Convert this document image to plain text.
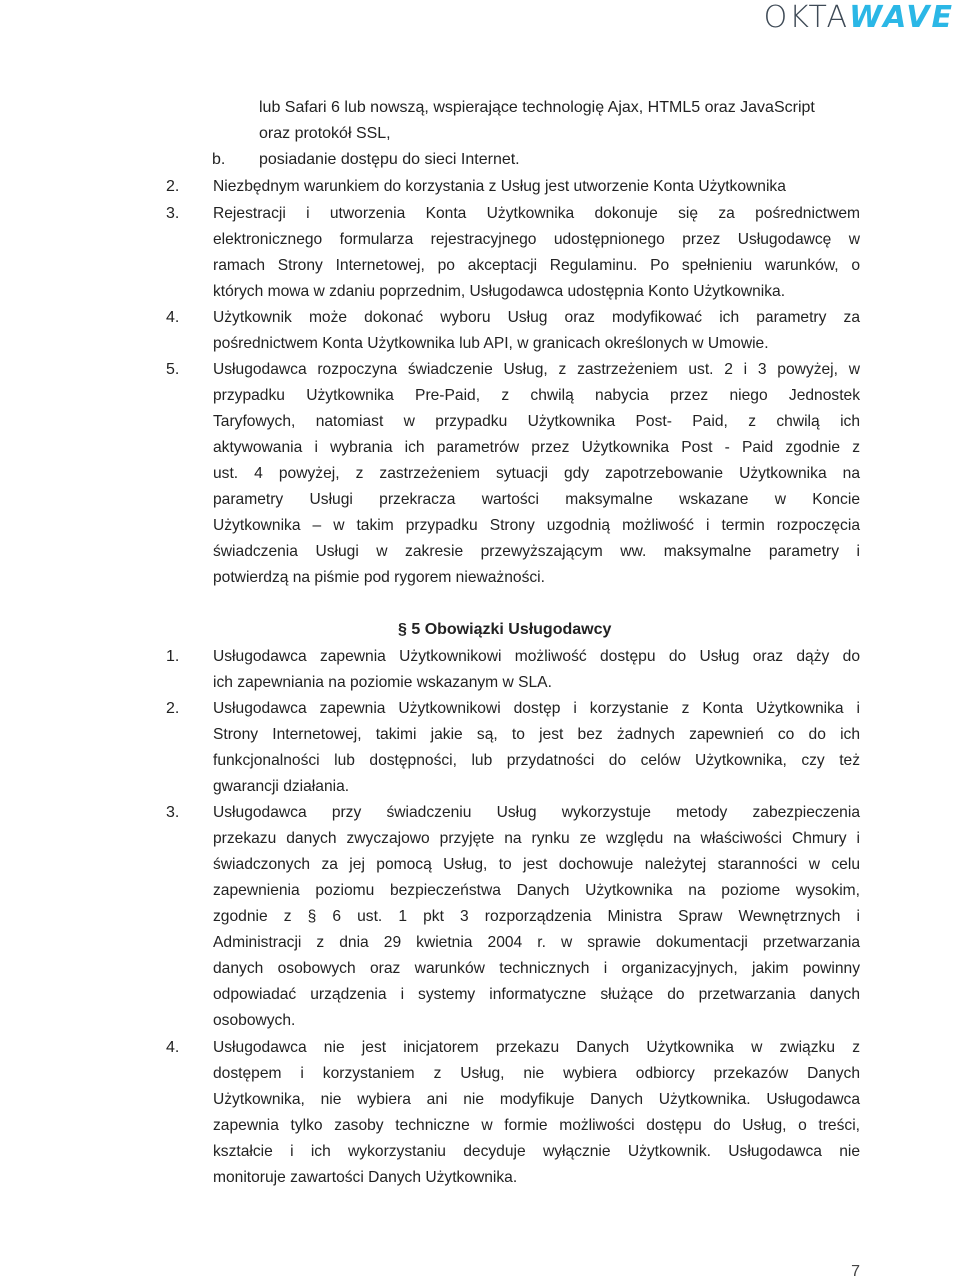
OKTA WAVE
lub Safari 6 lub nowszą, wspierające technologię Ajax, HTML5 oraz JavaScript
oraz protokół SSL,
b. posiadanie dostępu do sieci Internet.
2. Niezbędnym warunkiem do korzystania z Usług jest utworzenie Konta Użytkownika
3. Rejestracji i utworzenia Konta Użytkownika dokonuje się za pośrednictwem
elektronicznego formularza rejestracyjnego udostępnionego przez Usługodawcę w
ramach Strony Internetowej, po akceptacji Regulaminu. Po spełnieniu warunków, o
których mowa w zdaniu poprzednim, Usługodawca udostępnia Konto Użytkownika.
4. Użytkownik może dokonać wyboru Usług oraz modyfikować ich parametry za
pośrednictwem Konta Użytkownika lub API, w granicach określonych w Umowie.
5. Usługodawca rozpoczyna świadczenie Usług, z zastrzeżeniem ust. 2 i 3 powyżej, w
przypadku Użytkownika Pre-Paid, z chwilą nabycia przez niego Jednostek
Taryfowych, natomiast w przypadku Użytkownika Post- Paid, z chwilą ich
aktywowania i wybrania ich parametrów przez Użytkownika Post - Paid zgodnie z
ust. 4 powyżej, z zastrzeżeniem sytuacji gdy zapotrzebowanie Użytkownika na
parametry Usługi przekracza wartości maksymalne wskazane w Koncie
Użytkownika – w takim przypadku Strony uzgodnią możliwość i termin rozpoczęcia
świadczenia Usługi w zakresie przewyższającym ww. maksymalne parametry i
potwierdzą na piśmie pod rygorem nieważności.
§ 5 Obowiązki Usługodawcy
1. Usługodawca zapewnia Użytkownikowi możliwość dostępu do Usług oraz dąży do
ich zapewniania na poziomie wskazanym w SLA.
2. Usługodawca zapewnia Użytkownikowi dostęp i korzystanie z Konta Użytkownika i
Strony Internetowej, takimi jakie są, to jest bez żadnych zapewnień co do ich
funkcjonalności lub dostępności, lub przydatności do celów Użytkownika, czy też
gwarancji działania.
3. Usługodawca przy świadczeniu Usług wykorzystuje metody zabezpieczenia
przekazu danych zwyczajowo przyjęte na rynku ze względu na właściwości Chmury i
świadczonych za jej pomocą Usług, to jest dochowuje należytej staranności w celu
zapewnienia poziomu bezpieczeństwa Danych Użytkownika na poziome wysokim,
zgodnie z § 6 ust. 1 pkt 3 rozporządzenia Ministra Spraw Wewnętrznych i
Administracji z dnia 29 kwietnia 2004 r. w sprawie dokumentacji przetwarzania
danych osobowych oraz warunków technicznych i organizacyjnych, jakim powinny
odpowiadać urządzenia i systemy informatyczne służące do przetwarzania danych
osobowych.
4. Usługodawca nie jest inicjatorem przekazu Danych Użytkownika w związku z
dostępem i korzystaniem z Usług, nie wybiera odbiorcy przekazów Danych
Użytkownika, nie wybiera ani nie modyfikuje Danych Użytkownika. Usługodawca
zapewnia tylko zasoby techniczne w formie możliwości dostępu do Usług, o treści,
kształcie i ich wykorzystaniu decyduje wyłącznie Użytkownik. Usługodawca nie
monitoruje zawartości Danych Użytkownika.
7
